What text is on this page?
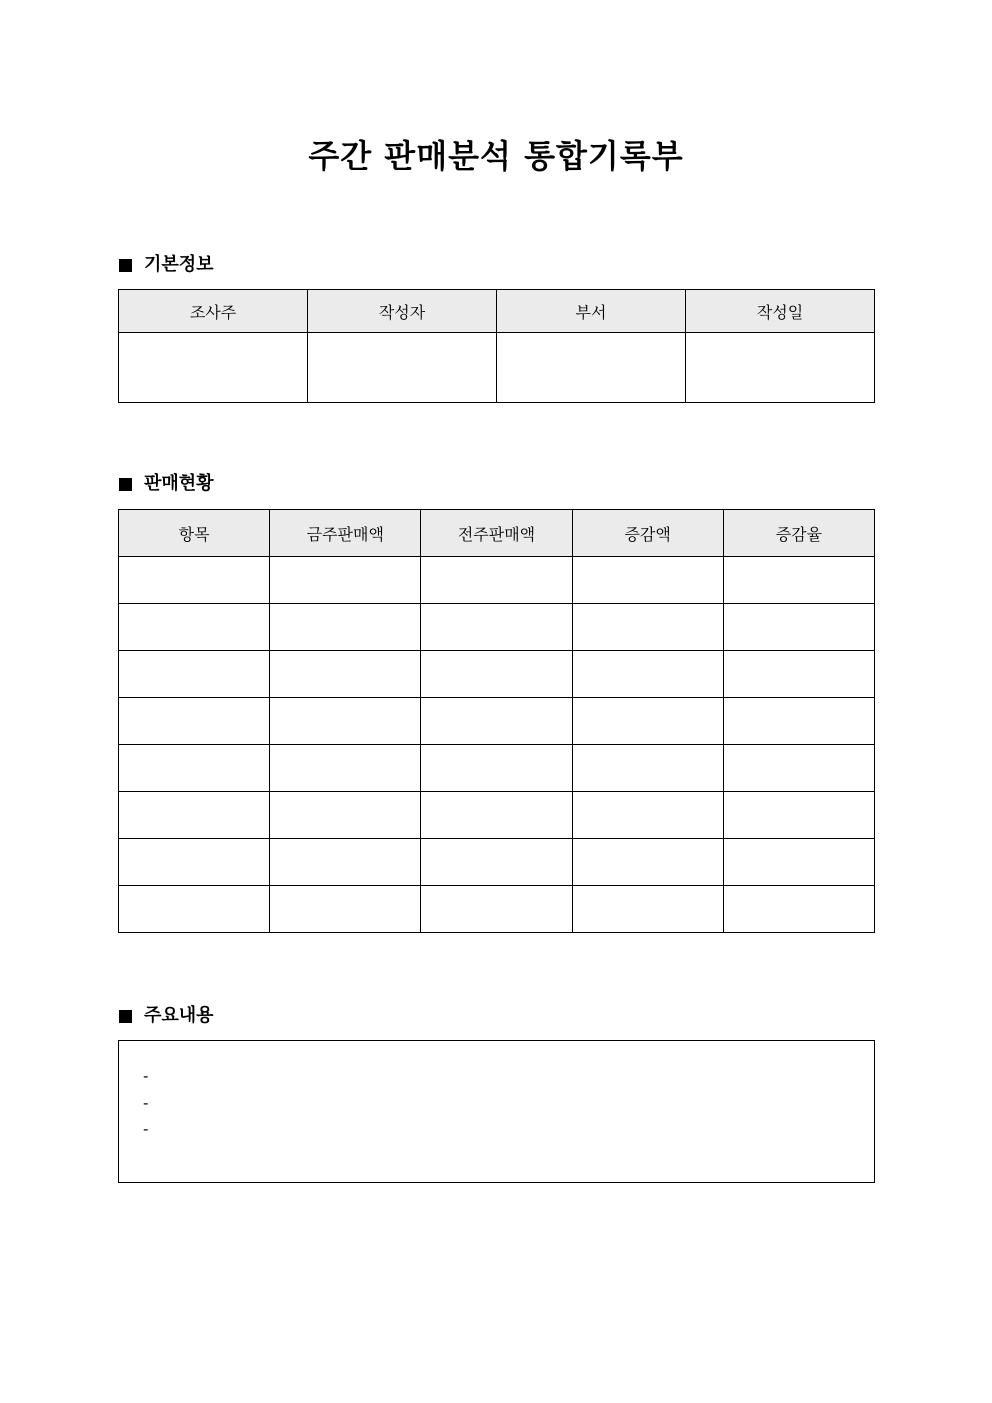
주간 판매분석 통합기록부
기본정보
조사주	작성자	부서	작성일

판매현황
항목	금주판매액	전주판매액	증감액	증감율

주요내용
-
-
-
